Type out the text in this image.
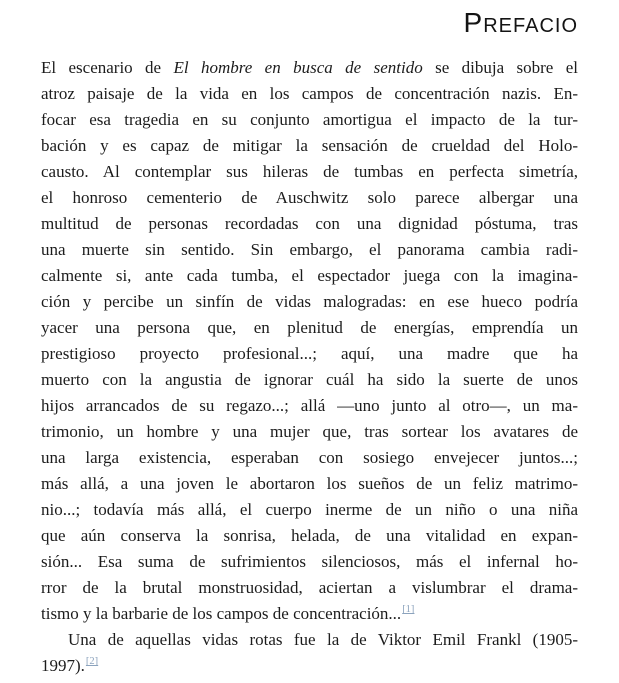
Prefacio
El escenario de El hombre en busca de sentido se dibuja sobre el
atroz paisaje de la vida en los campos de concentración nazis. En-
focar esa tragedia en su conjunto amortigua el impacto de la tur-
bación y es capaz de mitigar la sensación de crueldad del Holo-
causto. Al contemplar sus hileras de tumbas en perfecta simetría,
el honroso cementerio de Auschwitz solo parece albergar una
multitud de personas recordadas con una dignidad póstuma, tras
una muerte sin sentido. Sin embargo, el panorama cambia radi-
calmente si, ante cada tumba, el espectador juega con la imagina-
ción y percibe un sinfín de vidas malogradas: en ese hueco podría
yacer una persona que, en plenitud de energías, emprendía un
prestigioso proyecto profesional...; aquí, una madre que ha
muerto con la angustia de ignorar cuál ha sido la suerte de unos
hijos arrancados de su regazo...; allá —uno junto al otro—, un ma-
trimonio, un hombre y una mujer que, tras sortear los avatares de
una larga existencia, esperaban con sosiego envejecer juntos...;
más allá, a una joven le abortaron los sueños de un feliz matrimo-
nio...; todavía más allá, el cuerpo inerme de un niño o una niña
que aún conserva la sonrisa, helada, de una vitalidad en expan-
sión... Esa suma de sufrimientos silenciosos, más el infernal ho-
rror de la brutal monstruosidad, aciertan a vislumbrar el drama-
tismo y la barbarie de los campos de concentración...[1]
Una de aquellas vidas rotas fue la de Viktor Emil Frankl (1905-
1997).[2]
